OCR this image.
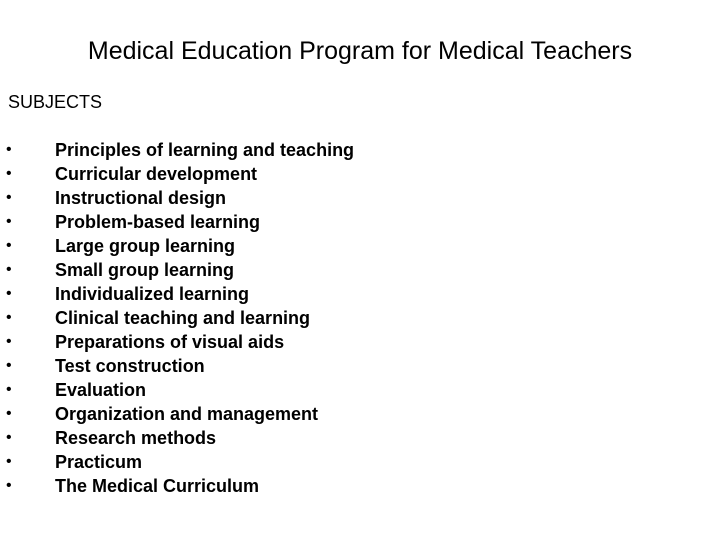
Medical Education Program for Medical Teachers
SUBJECTS
• Principles of learning and teaching
• Curricular development
• Instructional design
• Problem-based learning
• Large group learning
• Small group learning
• Individualized learning
• Clinical teaching and learning
• Preparations of visual aids
• Test construction
• Evaluation
• Organization and management
• Research methods
• Practicum
• The Medical Curriculum
